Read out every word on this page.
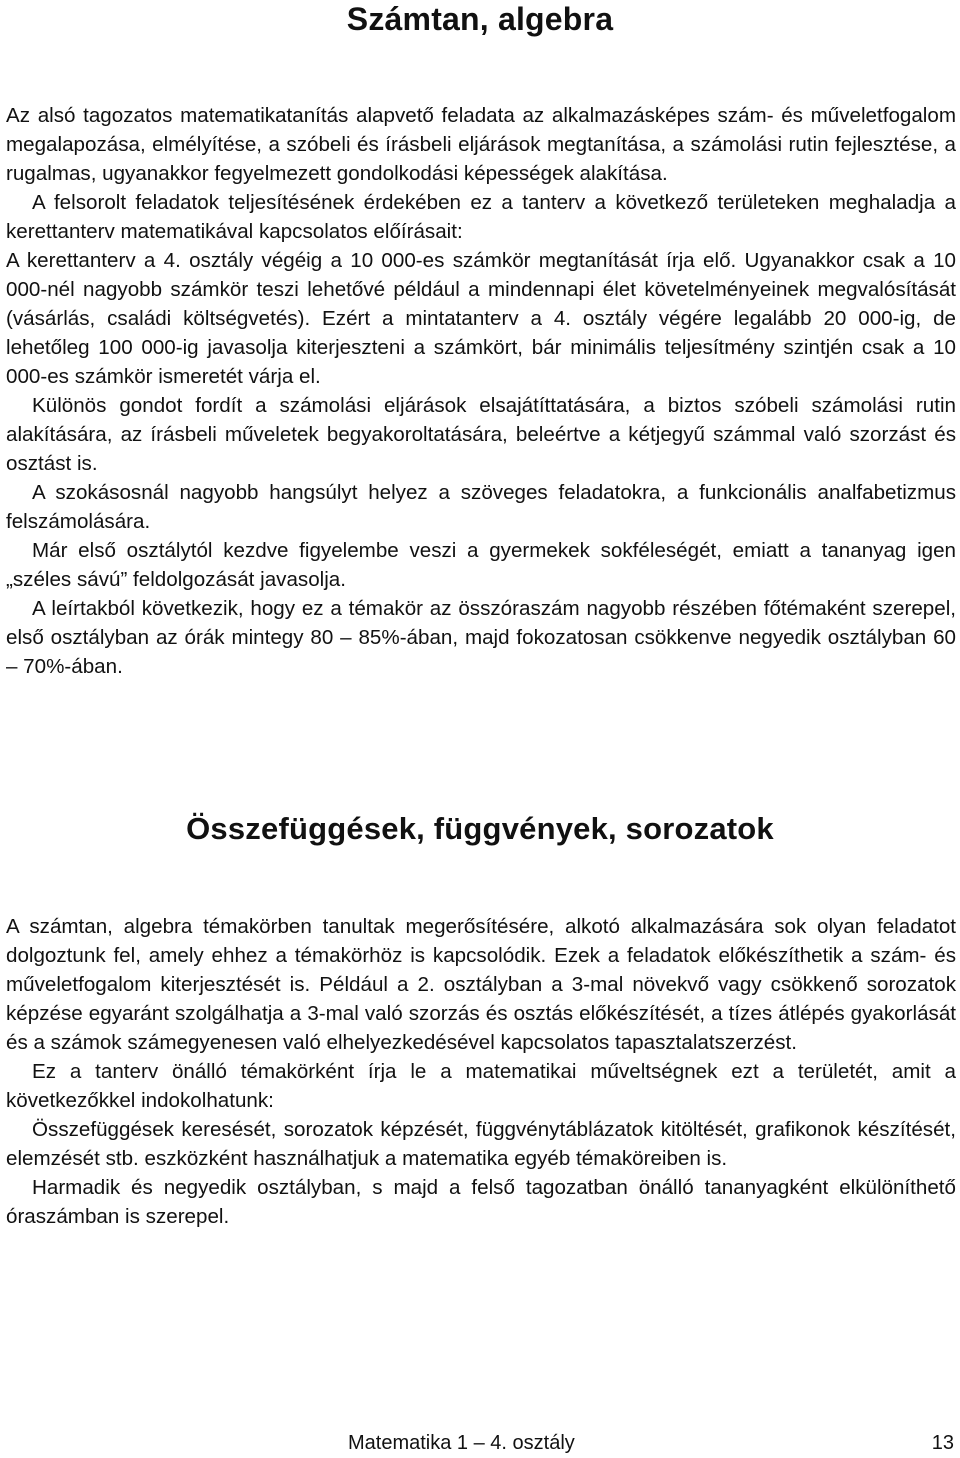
Számtan, algebra

Az alsó tagozatos matematikatanítás alapvető feladata az alkalmazásképes szám- és műveletfogalom megalapozása, elmélyítése, a szóbeli és írásbeli eljárások megtanítása, a számolási rutin fejlesztése, a rugalmas, ugyanakkor fegyelmezett gondolkodási képességek alakítása.

A felsorolt feladatok teljesítésének érdekében ez a tanterv a következő területeken meghaladja a kerettanterv matematikával kapcsolatos előírásait:

A kerettanterv a 4. osztály végéig a 10 000-es számkör megtanítását írja elő. Ugyanakkor csak a 10 000-nél nagyobb számkör teszi lehetővé például a mindennapi élet követelményeinek megvalósítását (vásárlás, családi költségvetés). Ezért a mintatanterv a 4. osztály végére legalább 20 000-ig, de lehetőleg 100 000-ig javasolja kiterjeszteni a számkört, bár minimális teljesítmény szintjén csak a 10 000-es számkör ismeretét várja el.

Különös gondot fordít a számolási eljárások elsajátíttatására, a biztos szóbeli számolási rutin alakítására, az írásbeli műveletek begyakoroltatására, beleértve a kétjegyű számmal való szorzást és osztást is.

A szokásosnál nagyobb hangsúlyt helyez a szöveges feladatokra, a funkcionális analfabetizmus felszámolására.

Már első osztálytól kezdve figyelembe veszi a gyermekek sokféleségét, emiatt a tananyag igen „széles sávú” feldolgozását javasolja.

A leírtakból következik, hogy ez a témakör az összóraszám nagyobb részében főtémaként szerepel, első osztályban az órák mintegy 80 – 85%-ában, majd fokozatosan csökkenve negyedik osztályban 60 – 70%-ában.

Összefüggések, függvények, sorozatok

A számtan, algebra témakörben tanultak megerősítésére, alkotó alkalmazására sok olyan feladatot dolgoztunk fel, amely ehhez a témakörhöz is kapcsolódik. Ezek a feladatok előkészíthetik a szám- és műveletfogalom kiterjesztését is. Például a 2. osztályban a 3-mal növekvő vagy csökkenő sorozatok képzése egyaránt szolgálhatja a 3-mal való szorzás és osztás előkészítését, a tízes átlépés gyakorlását és a számok számegyenesen való elhelyezkedésével kapcsolatos tapasztalatszerzést.

Ez a tanterv önálló témakörként írja le a matematikai műveltségnek ezt a területét, amit a következőkkel indokolhatunk:

Összefüggések keresését, sorozatok képzését, függvénytáblázatok kitöltését, grafikonok készítését, elemzését stb. eszközként használhatjuk a matematika egyéb témaköreiben is.

Harmadik és negyedik osztályban, s majd a felső tagozatban önálló tananyagként elkülöníthető óraszámban is szerepel.

Matematika 1 – 4. osztály	13
